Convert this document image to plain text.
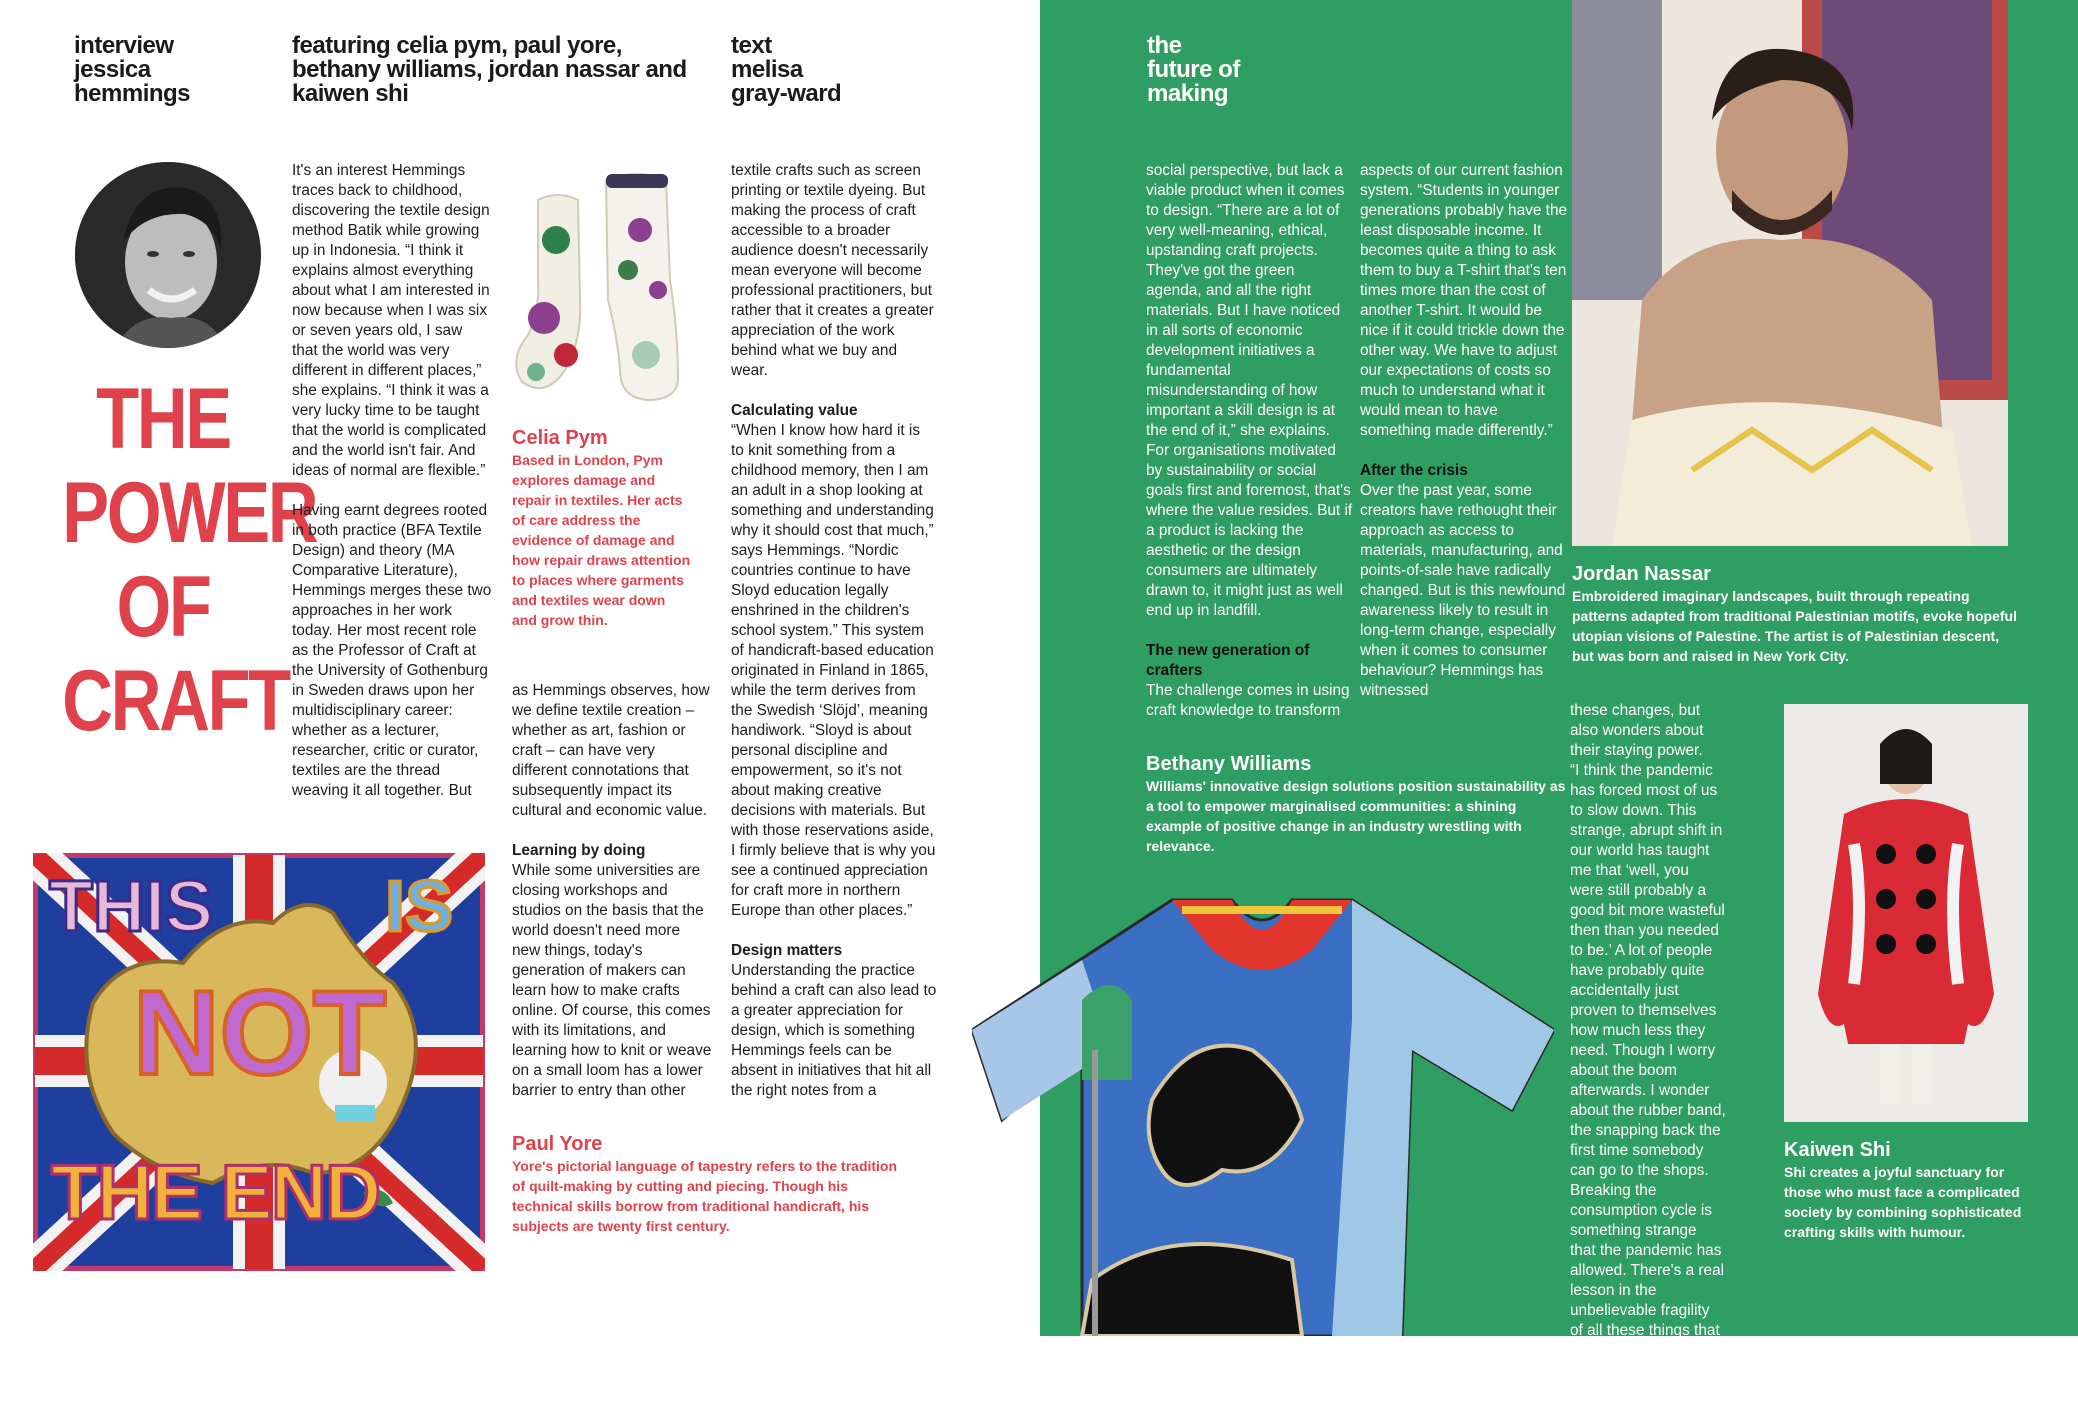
interview
jessica
hemmings
featuring celia pym, paul yore,
bethany williams, jordan nassar and
kaiwen shi
text
melisa
gray-ward
the
future of
making
THE
POWER
OF
CRAFT

It's an interest Hemmings traces back to childhood, discovering the textile design method Batik while growing up in Indonesia. “I think it explains almost everything about what I am interested in now because when I was six or seven years old, I saw that the world was very different in different places,” she explains. “I think it was a very lucky time to be taught that the world is complicated and the world isn't fair. And ideas of normal are flexible.”

Having earnt degrees rooted in both practice (BFA Textile Design) and theory (MA Comparative Literature), Hemmings merges these two approaches in her work today. Her most recent role as the Professor of Craft at the University of Gothenburg in Sweden draws upon her multidisciplinary career: whether as a lecturer, researcher, critic or curator, textiles are the thread weaving it all together. But

Celia Pym
Based in London, Pym explores damage and repair in textiles. Her acts of care address the evidence of damage and how repair draws attention to places where garments and textiles wear down and grow thin.

as Hemmings observes, how we define textile creation – whether as art, fashion or craft – can have very different connotations that subsequently impact its cultural and economic value.

Learning by doing

While some universities are closing workshops and studios on the basis that the world doesn't need more new things, today's generation of makers can learn how to make crafts online. Of course, this comes with its limitations, and learning how to knit or weave on a small loom has a lower barrier to entry than other

textile crafts such as screen printing or textile dyeing. But making the process of craft accessible to a broader audience doesn't necessarily mean everyone will become professional practitioners, but rather that it creates a greater appreciation of the work behind what we buy and wear.

Calculating value

“When I know how hard it is to knit something from a childhood memory, then I am an adult in a shop looking at something and understanding why it should cost that much,” says Hemmings. “Nordic countries continue to have Sloyd education legally enshrined in the children's school system.” This system of handicraft-based education originated in Finland in 1865, while the term derives from the Swedish ‘Slöjd’, meaning handiwork. “Sloyd is about personal discipline and empowerment, so it's not about making creative decisions with materials. But with those reservations aside, I firmly believe that is why you see a continued appreciation for craft more in northern Europe than other places.”

Design matters

Understanding the practice behind a craft can also lead to a greater appreciation for design, which is something Hemmings feels can be absent in initiatives that hit all the right notes from a

THIS IS
NOT
THE END
Paul Yore
Yore's pictorial language of tapestry refers to the tradition of quilt-making by cutting and piecing. Though his technical skills borrow from traditional handicraft, his subjects are twenty first century.

social perspective, but lack a viable product when it comes to design. “There are a lot of very well-meaning, ethical, upstanding craft projects. They've got the green agenda, and all the right materials. But I have noticed in all sorts of economic development initiatives a fundamental misunderstanding of how important a skill design is at the end of it,” she explains. For organisations motivated by sustainability or social goals first and foremost, that's where the value resides. But if a product is lacking the aesthetic or the design consumers are ultimately drawn to, it might just as well end up in landfill.

The new generation of crafters

The challenge comes in using craft knowledge to transform

aspects of our current fashion system. “Students in younger generations probably have the least disposable income. It becomes quite a thing to ask them to buy a T-shirt that's ten times more than the cost of another T-shirt. It would be nice if it could trickle down the other way. We have to adjust our expectations of costs so much to understand what it would mean to have something made differently.”

After the crisis

Over the past year, some creators have rethought their approach as access to materials, manufacturing, and points-of-sale have radically changed. But is this newfound awareness likely to result in long-term change, especially when it comes to consumer behaviour? Hemmings has witnessed

Jordan Nassar
Embroidered imaginary landscapes, built through repeating patterns adapted from traditional Palestinian motifs, evoke hopeful utopian visions of Palestine. The artist is of Palestinian descent, but was born and raised in New York City.
Bethany Williams
Williams' innovative design solutions position sustainability as a tool to empower marginalised communities: a shining example of positive change in an industry wrestling with relevance.

these changes, but also wonders about their staying power.

“I think the pandemic has forced most of us to slow down. This strange, abrupt shift in our world has taught me that ‘well, you were still probably a good bit more wasteful then than you needed to be.’ A lot of people have probably quite accidentally just proven to themselves how much less they need. Though I worry about the boom afterwards. I wonder about the rubber band, the snapping back the first time somebody can go to the shops. Breaking the consumption cycle is something strange that the pandemic has allowed. There's a real lesson in the unbelievable fragility of all these things that we take for granted. Nothing in our lives, in this world, is a given.”

Kaiwen Shi
Shi creates a joyful sanctuary for those who must face a complicated society by combining sophisticated crafting skills with humour.
